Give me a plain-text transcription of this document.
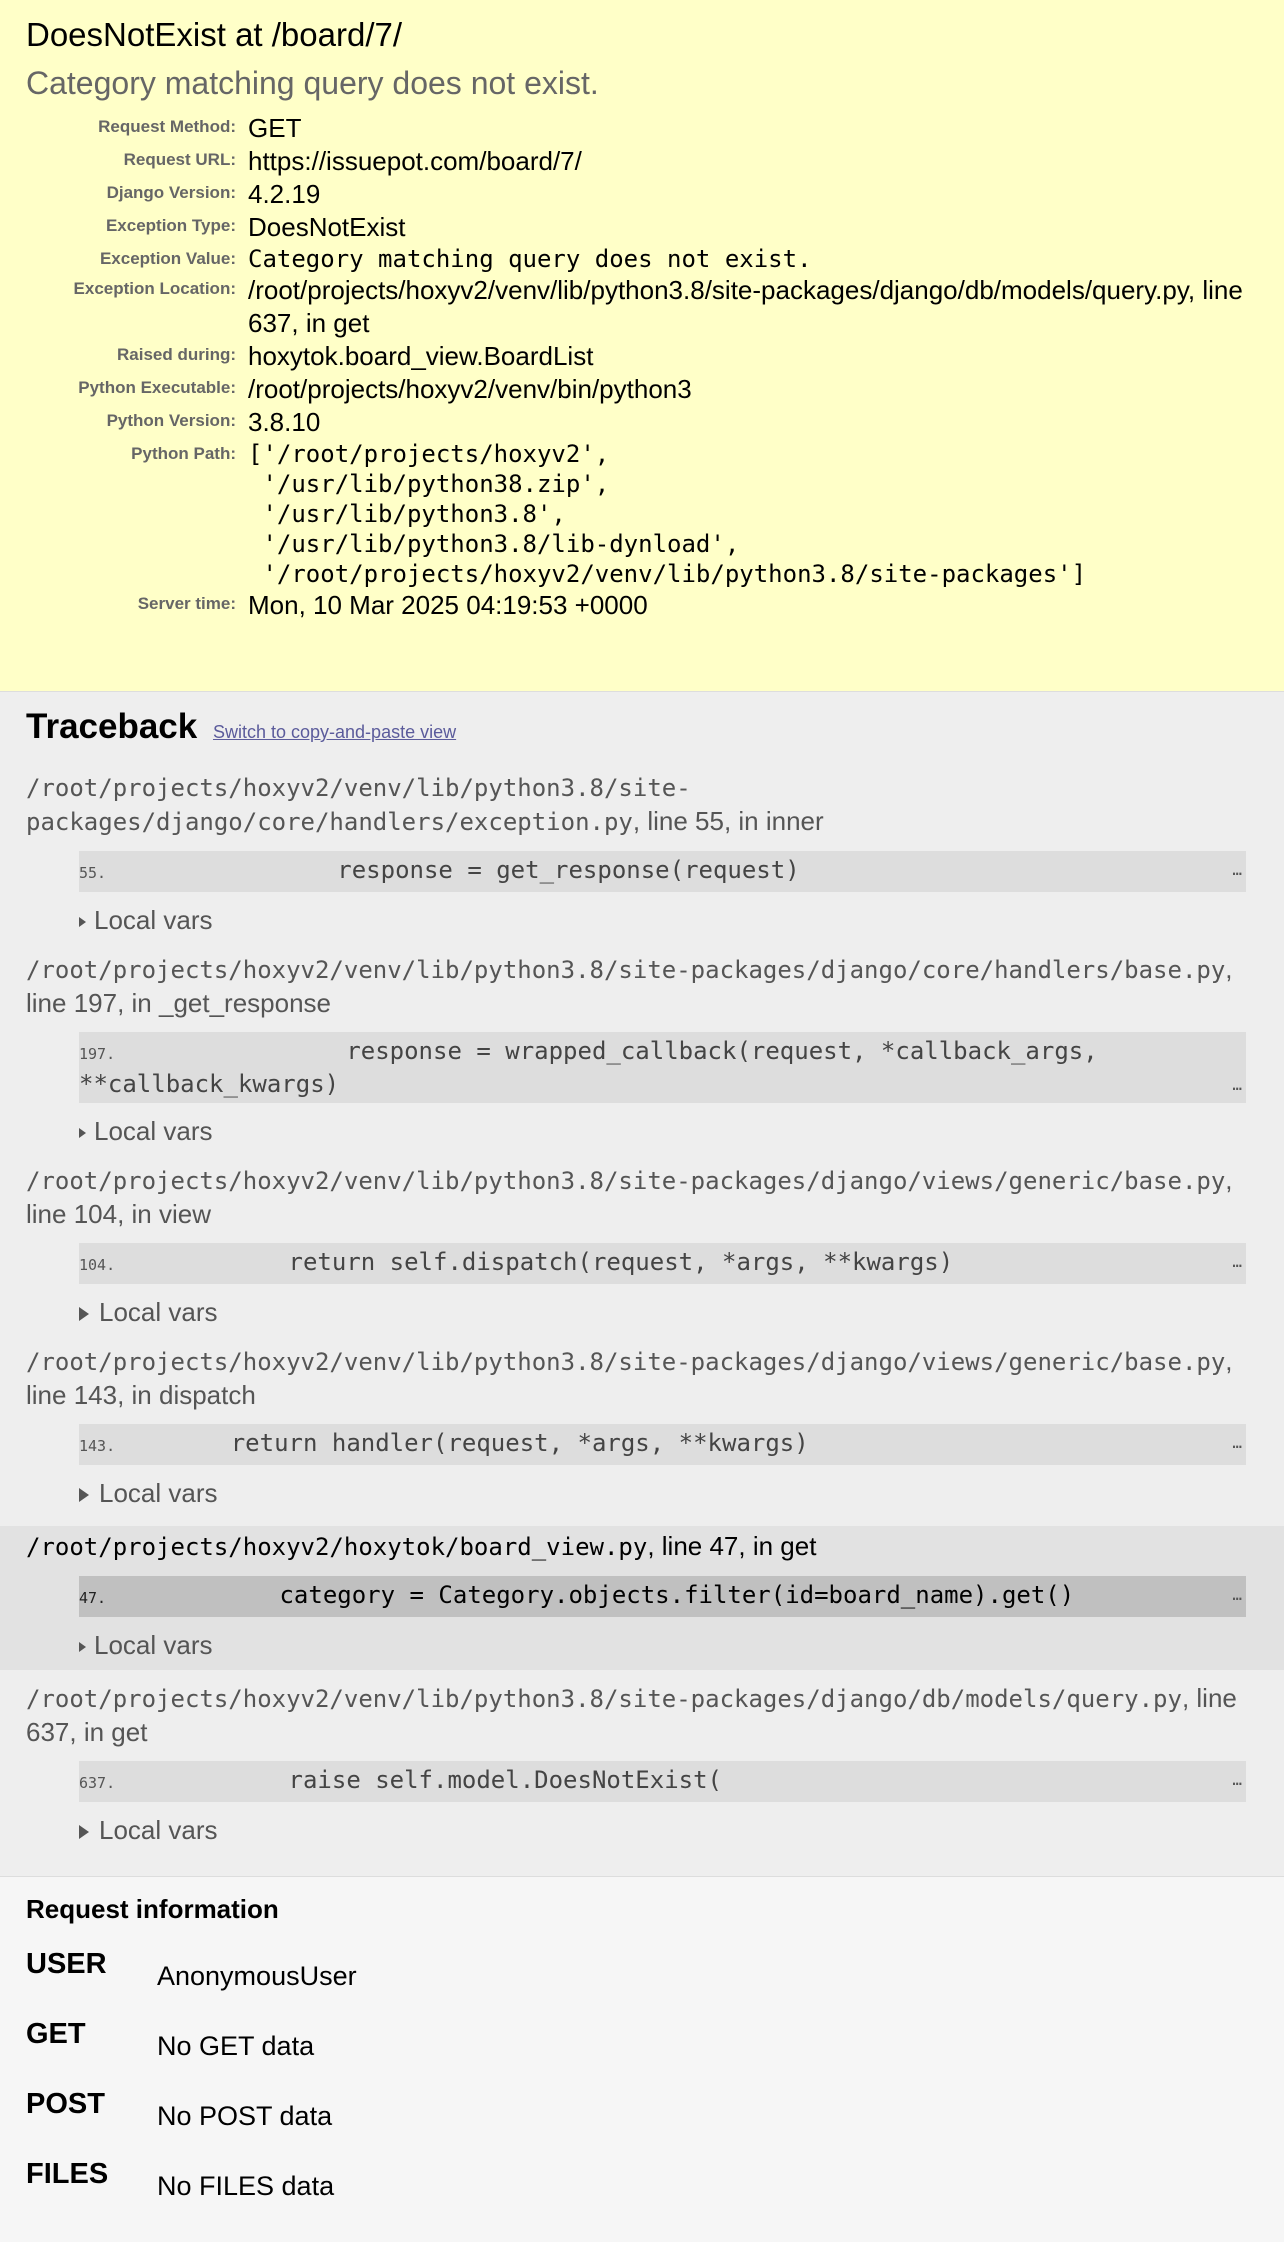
DoesNotExist at /board/7/
Category matching query does not exist.
Request Method:	GET
Request URL:	https://issuepot.com/board/7/
Django Version:	4.2.19
Exception Type:	DoesNotExist
Exception Value:	Category matching query does not exist.
Exception Location:	/root/projects/hoxyv2/venv/lib/python3.8/site-packages/django/db/models/query.py, line 637, in get
Raised during:	hoxytok.board_view.BoardList
Python Executable:	/root/projects/hoxyv2/venv/bin/python3
Python Version:	3.8.10
Python Path:	['/root/projects/hoxyv2',
'/usr/lib/python38.zip',
'/usr/lib/python3.8',
'/usr/lib/python3.8/lib-dynload',
'/root/projects/hoxyv2/venv/lib/python3.8/site-packages']
Server time:	Mon, 10 Mar 2025 04:19:53 +0000
Traceback Switch to copy-and-paste view
/root/projects/hoxyv2/venv/lib/python3.8/site-packages/django/core/handlers/exception.py, line 55, in inner
55.                response = get_response(request)	…
Local vars
/root/projects/hoxyv2/venv/lib/python3.8/site-packages/django/core/handlers/base.py, line 197, in _get_response
197.                response = wrapped_callback(request, *callback_args, **callback_kwargs)	…
Local vars
/root/projects/hoxyv2/venv/lib/python3.8/site-packages/django/views/generic/base.py, line 104, in view
104.            return self.dispatch(request, *args, **kwargs)	…
Local vars
/root/projects/hoxyv2/venv/lib/python3.8/site-packages/django/views/generic/base.py, line 143, in dispatch
143.        return handler(request, *args, **kwargs)	…
Local vars
/root/projects/hoxyv2/hoxytok/board_view.py, line 47, in get
47.            category = Category.objects.filter(id=board_name).get()	…
Local vars
/root/projects/hoxyv2/venv/lib/python3.8/site-packages/django/db/models/query.py, line 637, in get
637.            raise self.model.DoesNotExist(	…
Local vars
Request information
USER	AnonymousUser
GET	No GET data
POST	No POST data
FILES	No FILES data
